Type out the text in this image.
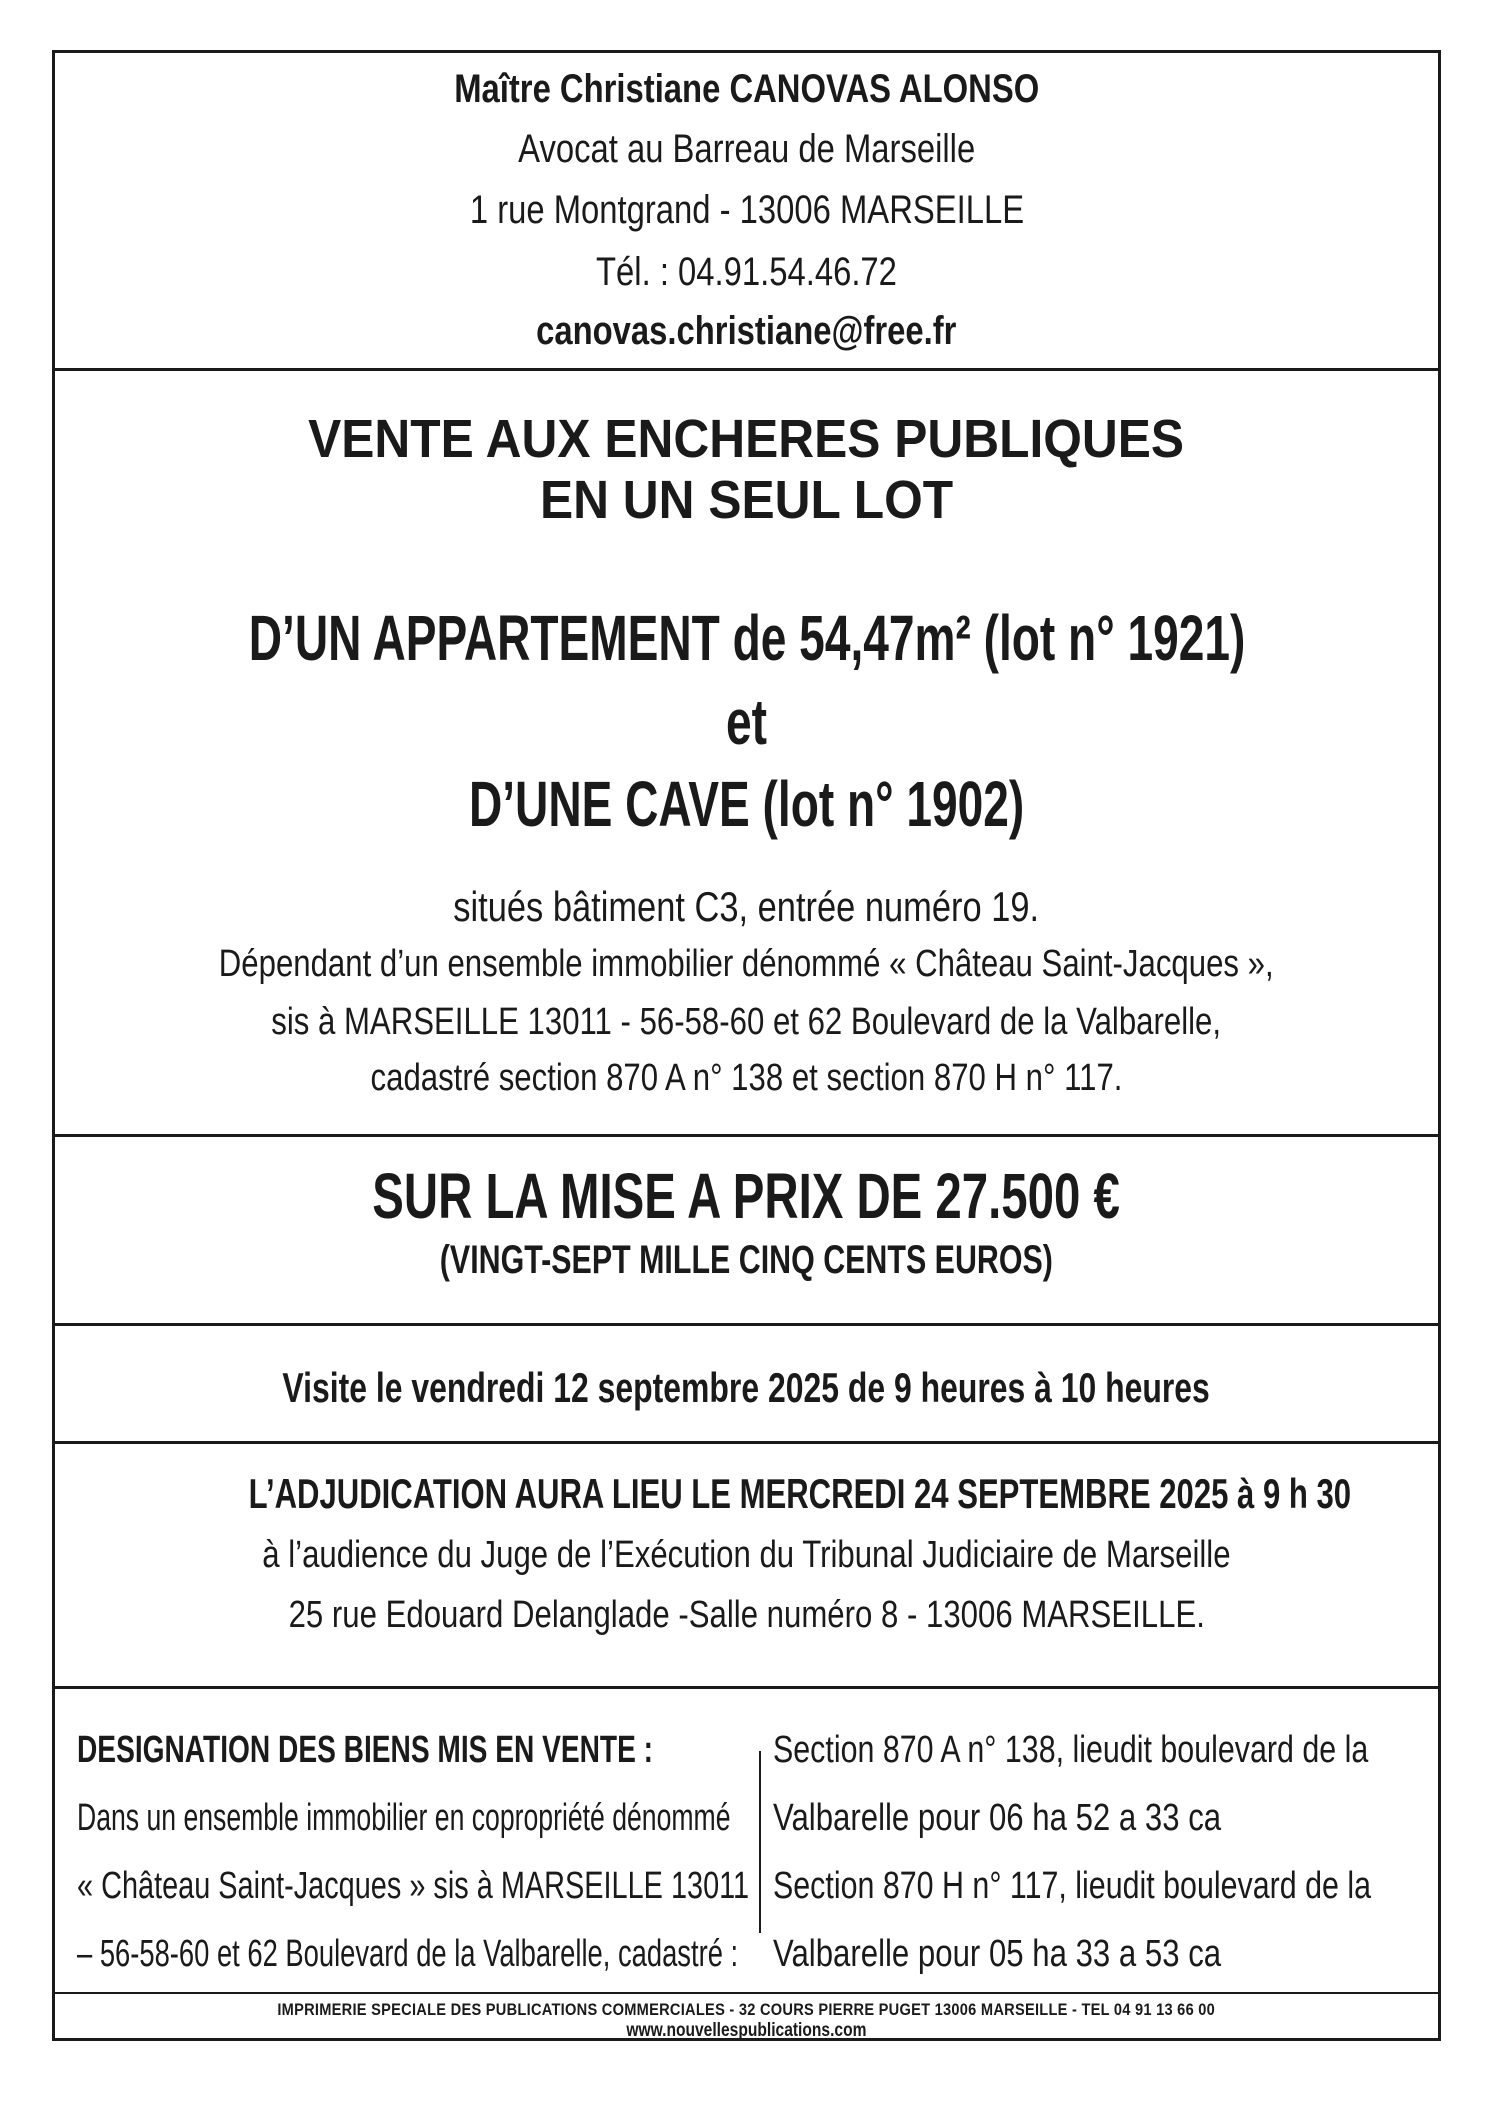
Maître Christiane CANOVAS ALONSO
Avocat au Barreau de Marseille
1 rue Montgrand - 13006 MARSEILLE
Tél. : 04.91.54.46.72
canovas.christiane@free.fr
VENTE AUX ENCHERES PUBLIQUES
EN UN SEUL LOT
D’UN APPARTEMENT de 54,47m² (lot n° 1921)
et
D’UNE CAVE (lot n° 1902)
situés bâtiment C3, entrée numéro 19.
Dépendant d’un ensemble immobilier dénommé « Château Saint-Jacques »,
sis à MARSEILLE 13011 - 56-58-60 et 62 Boulevard de la Valbarelle,
cadastré section 870 A n° 138 et section 870 H n° 117.
SUR LA MISE A PRIX DE 27.500 €
(VINGT-SEPT MILLE CINQ CENTS EUROS)
Visite le vendredi 12 septembre 2025 de 9 heures à 10 heures
L’ADJUDICATION AURA LIEU LE MERCREDI 24 SEPTEMBRE 2025 à 9 h 30
à l’audience du Juge de l’Exécution du Tribunal Judiciaire de Marseille
25 rue Edouard Delanglade -Salle numéro 8 - 13006 MARSEILLE.
DESIGNATION DES BIENS MIS EN VENTE :
Dans un ensemble immobilier en copropriété dénommé
« Château Saint-Jacques » sis à MARSEILLE 13011
– 56-58-60 et 62 Boulevard de la Valbarelle, cadastré :
Section 870 A n° 138, lieudit boulevard de la
Valbarelle pour 06 ha 52 a 33 ca
Section 870 H n° 117, lieudit boulevard de la
Valbarelle pour 05 ha 33 a 53 ca
IMPRIMERIE SPECIALE DES PUBLICATIONS COMMERCIALES - 32 COURS PIERRE PUGET 13006 MARSEILLE - TEL 04 91 13 66 00
www.nouvellespublications.com
